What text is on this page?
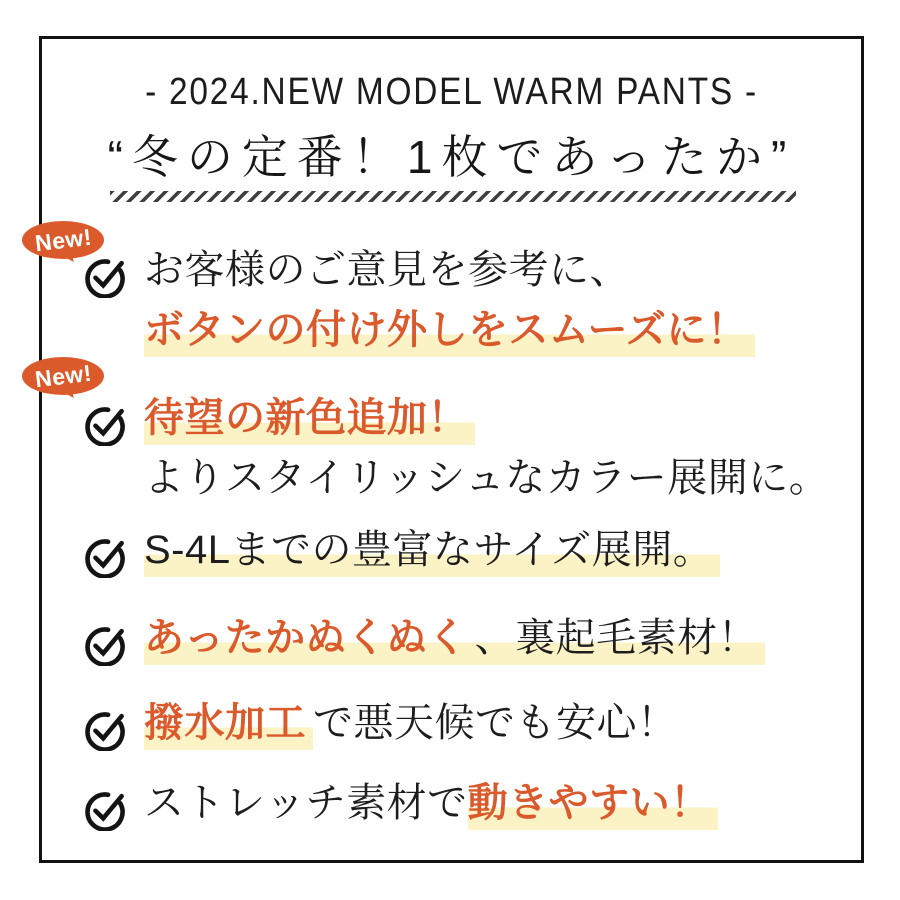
- 2024.NEW MODEL WARM PANTS -
“冬の定番！1枚であったか”
New!
New!
お客様のご意見を参考に、
ボタンの付け外しをスムーズに！
待望の新色追加！
よりスタイリッシュなカラー展開に。
S-4Lまでの豊富なサイズ展開。
あったかぬくぬく 、裏起毛素材！
撥水加工 で悪天候でも安心！
ストレッチ素材で動きやすい！
